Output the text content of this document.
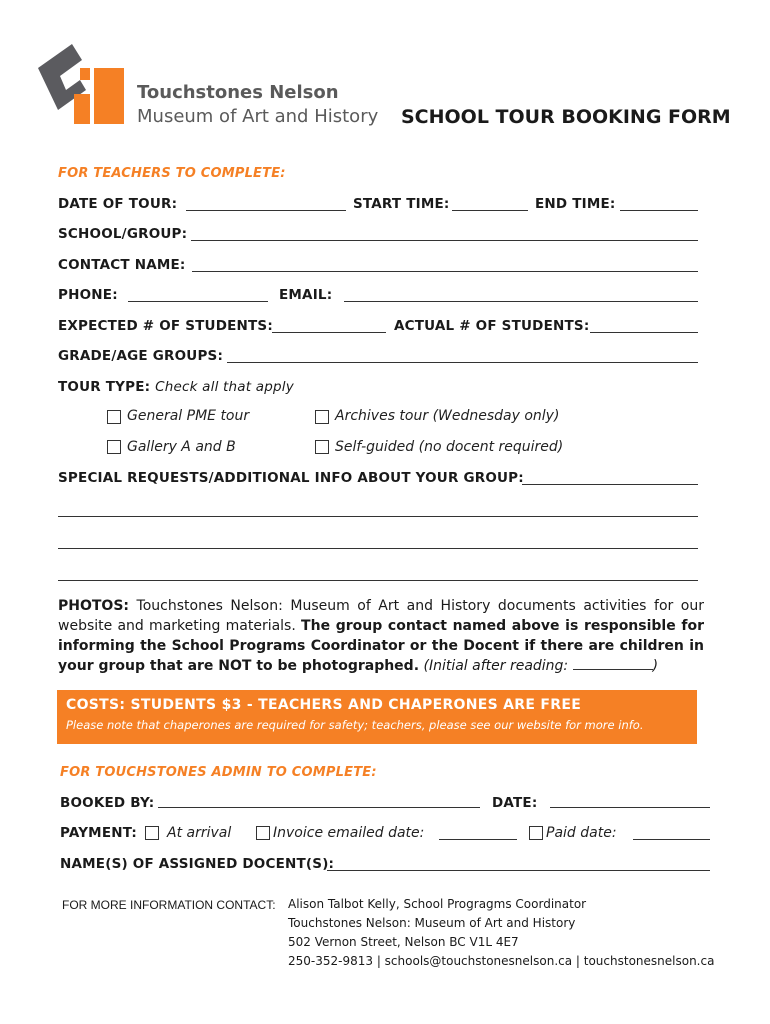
Touchstones Nelson
Museum of Art and History SCHOOL TOUR BOOKING FORM
FOR TEACHERS TO COMPLETE:
DATE OF TOUR:	START TIME:	END TIME:
SCHOOL/GROUP:
CONTACT NAME:
PHONE:	EMAIL:
EXPECTED # OF STUDENTS:	ACTUAL # OF STUDENTS:
GRADE/AGE GROUPS:
TOUR TYPE: Check all that apply
General PME tour	Archives tour (Wednesday only)
Gallery A and B	Self-guided (no docent required)
SPECIAL REQUESTS/ADDITIONAL INFO ABOUT YOUR GROUP:
PHOTOS: Touchstones Nelson: Museum of Art and History documents activities for our website and marketing materials. The group contact named above is responsible for informing the School Programs Coordinator or the Docent if there are children in your group that are NOT to be photographed. (Initial after reading:	)
COSTS: STUDENTS $3 - TEACHERS AND CHAPERONES ARE FREE
Please note that chaperones are required for safety; teachers, please see our website for more info.
FOR TOUCHSTONES ADMIN TO COMPLETE:
BOOKED BY:	DATE:
PAYMENT: At arrival	Invoice emailed date:	Paid date:
NAME(S) OF ASSIGNED DOCENT(S):
FOR MORE INFORMATION CONTACT: Alison Talbot Kelly, School Progragms Coordinator
Touchstones Nelson: Museum of Art and History
502 Vernon Street, Nelson BC V1L 4E7
250-352-9813 | schools@touchstonesnelson.ca | touchstonesnelson.ca
